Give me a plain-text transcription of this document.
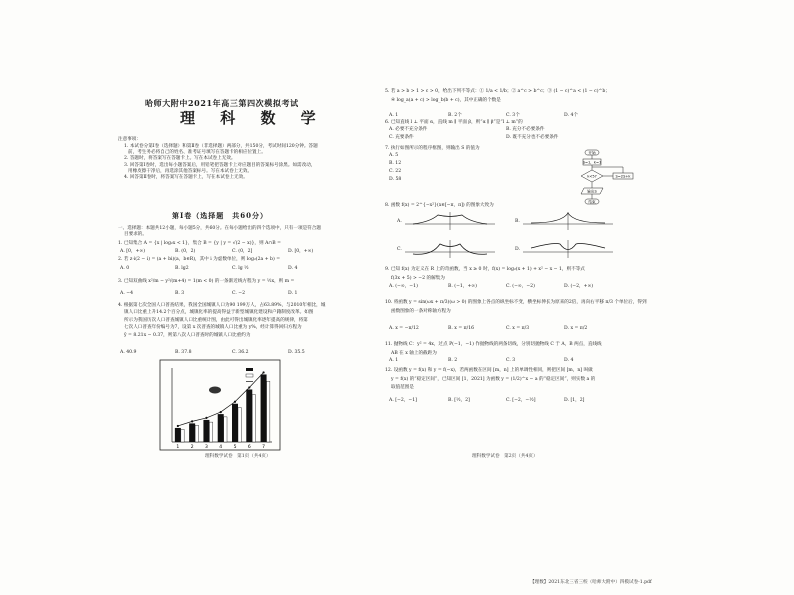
哈师大附中2021年高三第四次模拟考试
理 科 数 学
注意事项：
1. 本试卷分第Ⅰ卷（选择题）和第Ⅱ卷（非选择题）两部分，共150分，考试时间120分钟。答题
前，考生务必将自己的姓名、准考证号填写在答题卡的相应位置上。
2. 答题时，将答案写在答题卡上。写在本试卷上无效。
3. 回答第Ⅰ卷时，选出每小题答案后，用铅笔把答题卡上对应题目的答案标号涂黑。如需改动，
用橡皮擦干净后，再选涂其他答案标号。写在本试卷上无效。
4. 回答第Ⅱ卷时，将答案写在答题卡上，写在本试卷上无效。
第Ⅰ卷（选择题　共60分）
一、选择题：本题共12小题，每小题5分，共60分。在每小题给出的四个选项中，只有一项是符合题
目要求的。
1. 已知集合 A = {x | log₂x < 1}，集合 B = {y | y = √(2 − x)}，则 A∩B =
A. [0，+∞)	B. (0，2)	C. (0，2]	D. [0，+∞)
2. 若 z·i(2 − i) = (a + bi)(a，b∈R)，其中 i 为虚数单位，则 log₂(2a + b) =
A. 0	B. lg2	C. lg ½	D. 4
3. 已知双曲线 x²/m − y²/(m+4) = 1(m < 0) 的一条渐近线方程为 y = ½x，则 m =
A. −4	B. 3	C. −2	D. 1
4. 根据第七次全国人口普查结果，我国全国城镇人口为90 199万人，占63.89%，与2010年相比，城
镇人口比重上升14.2个百分点，城镇化率的提高得益于新型城镇化建设和户籍制度改革。如图
所示为我国历次人口普查城镇人口比重统计图，由此可得出城镇化率逐年提高的规律，将第
七次人口普查年份编号为7，设第 x 次普查的城镇人口比重为 y%，经计算得回归方程为
ŷ = 8.21x − 0.37，则第八次人口普查时的城镇人口比重约为
A. 40.9	B. 37.8	C. 36.2	D. 35.5
1	2	3	4	5	6	7
理科数学试卷　第1页（共4页）
5. 若 a > b > 1 > c > 0，给出下列不等式：① 1/a < 1/b；② a^c > b^c；③ (1 − c)^a < (1 − c)^b；
④ log_a(a + c) > log_b(b + c)，其中正确的个数是
A. 1	B. 2个	C. 3个	D. 4个
6. 已知直线 l ⊥ 平面 α，直线 m ∥ 平面 β，则“α ∥ β”是“l ⊥ m”的
A. 必要不充分条件	B. 充分不必要条件
C. 充要条件	D. 既不充分也不必要条件
7. 执行如图所示的程序框图，则输出 S 的值为
A. 5
B. 12
C. 22
D. 58
8. 函数 f(x) = 2^{−x²}(x∈[−π，π]) 的图象大致为
9. 已知 f(x) 为定义在 R 上的奇函数，当 x ≥ 0 时，f(x) = log₂(x + 1) + x² − x − 1，则不等式
f(3x + 5) > −2 的解集为
A. (−∞，−1)	B. (−1，+∞)	C. (−∞，−2)	D. (−2，+∞)
10. 将函数 y = sin(ωx + π/3)(ω > 0) 的图象上各点的纵坐标不变，横坐标伸长为原来的2倍，再向右平移 π/3 个单位后，得到
函数图象的一条对称轴方程为
A. x = −π/12	B. x = π/16	C. x = π/3	D. x = π/2
11. 抛物线 C：y² = 4x，过点 P(−1，−1) 作抛物线的两条切线，分别切抛物线 C 于 A，B 两点，直线线
AB 在 x 轴上的截距为
A. 1	B. 2	C. 3	D. 4
12. 设函数 y = f(x) 和 y = f(−x)，若两函数在区间 [m，n] 上的单调性相同，则把区间 [m，n] 叫做
y = f(x) 的“稳定区间”，已知区间 [1，2021] 为函数 y = (1/2)^x − a 的“稳定区间”，则实数 a 的
取值范围是
A. [−2，−1]	B. [½，2]	C. [−2，−½]	D. [1，2]
A.	B.
C.	D.
开始
S=1，k=1
k<5?	S=2S+k
输出S
结束
理科数学试卷　第2页（共4页）
【理数】2021东北三省三校（哈师大附中）四模试卷-1.pdf
